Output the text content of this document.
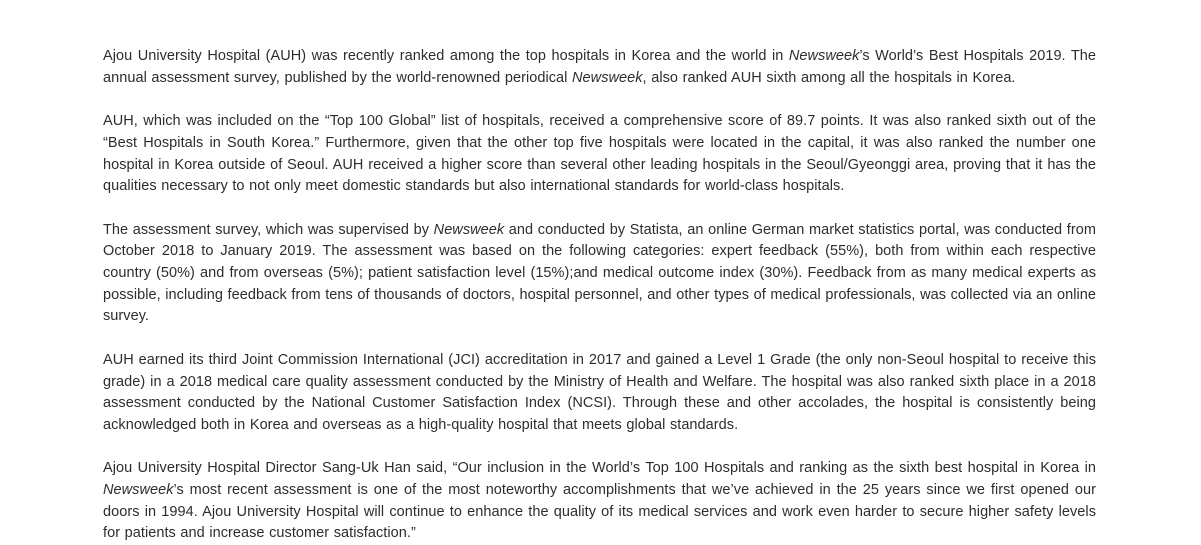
Ajou University Hospital (AUH) was recently ranked among the top hospitals in Korea and the world in Newsweek’s World’s Best Hospitals 2019. The annual assessment survey, published by the world-renowned periodical Newsweek, also ranked AUH sixth among all the hospitals in Korea.

AUH, which was included on the “Top 100 Global” list of hospitals, received a comprehensive score of 89.7 points. It was also ranked sixth out of the “Best Hospitals in South Korea.” Furthermore, given that the other top five hospitals were located in the capital, it was also ranked the number one hospital in Korea outside of Seoul. AUH received a higher score than several other leading hospitals in the Seoul/Gyeonggi area, proving that it has the qualities necessary to not only meet domestic standards but also international standards for world-class hospitals.

The assessment survey, which was supervised by Newsweek and conducted by Statista, an online German market statistics portal, was conducted from October 2018 to January 2019. The assessment was based on the following categories: expert feedback (55%), both from within each respective country (50%) and from overseas (5%); patient satisfaction level (15%);and medical outcome index (30%). Feedback from as many medical experts as possible, including feedback from tens of thousands of doctors, hospital personnel, and other types of medical professionals, was collected via an online survey.

AUH earned its third Joint Commission International (JCI) accreditation in 2017 and gained a Level 1 Grade (the only non-Seoul hospital to receive this grade) in a 2018 medical care quality assessment conducted by the Ministry of Health and Welfare. The hospital was also ranked sixth place in a 2018 assessment conducted by the National Customer Satisfaction Index (NCSI). Through these and other accolades, the hospital is consistently being acknowledged both in Korea and overseas as a high-quality hospital that meets global standards.

Ajou University Hospital Director Sang-Uk Han said, “Our inclusion in the World’s Top 100 Hospitals and ranking as the sixth best hospital in Korea in Newsweek’s most recent assessment is one of the most noteworthy accomplishments that we’ve achieved in the 25 years since we first opened our doors in 1994. Ajou University Hospital will continue to enhance the quality of its medical services and work even harder to secure higher safety levels for patients and increase customer satisfaction.”
